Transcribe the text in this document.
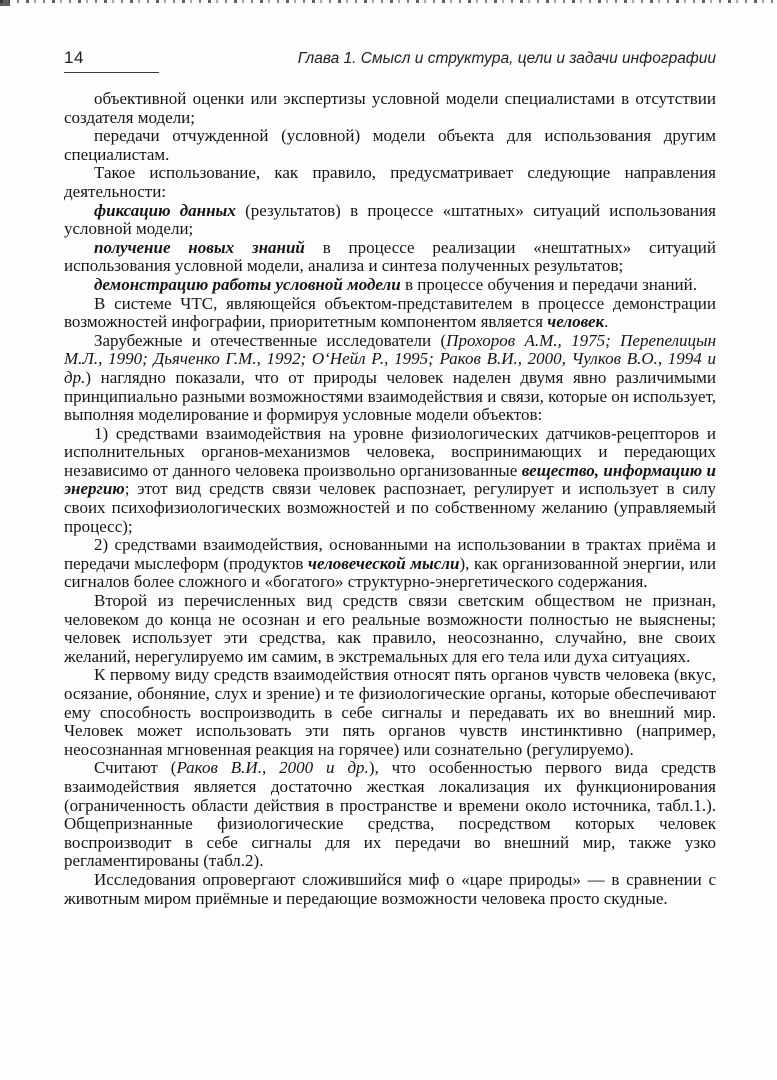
14	Глава 1. Смысл и структура, цели и задачи инфографии

объективной оценки или экспертизы условной модели специалистами в отсутствии создателя модели;

передачи отчужденной (условной) модели объекта для использования другим специалистам.

Такое использование, как правило, предусматривает следующие направления деятельности:

фиксацию данных (результатов) в процессе «штатных» ситуаций использования условной модели;

получение новых знаний в процессе реализации «нештатных» ситуаций использования условной модели, анализа и синтеза полученных результатов;

демонстрацию работы условной модели в процессе обучения и передачи знаний.

В системе ЧТС, являющейся объектом-представителем в процессе демонстрации возможностей инфографии, приоритетным компонентом является человек.

Зарубежные и отечественные исследователи (Прохоров А.М., 1975; Перепелицын М.Л., 1990; Дьяченко Г.М., 1992; О‘Нейл Р., 1995; Раков В.И., 2000, Чулков В.О., 1994 и др.) наглядно показали, что от природы человек наделен двумя явно различимыми принципиально разными возможностями взаимодействия и связи, которые он использует, выполняя моделирование и формируя условные модели объектов:

1) средствами взаимодействия на уровне физиологических датчиков-рецепторов и исполнительных органов-механизмов человека, воспринимающих и передающих независимо от данного человека произвольно организованные вещество, информацию и энергию; этот вид средств связи человек распознает, регулирует и использует в силу своих психофизиологических возможностей и по собственному желанию (управляемый процесс);

2) средствами взаимодействия, основанными на использовании в трактах приёма и передачи мыслеформ (продуктов человеческой мысли), как организованной энергии, или сигналов более сложного и «богатого» структурно-энергетического содержания.

Второй из перечисленных вид средств связи светским обществом не признан, человеком до конца не осознан и его реальные возможности полностью не выяснены; человек использует эти средства, как правило, неосознанно, случайно, вне своих желаний, нерегулируемо им самим, в экстремальных для его тела или духа ситуациях.

К первому виду средств взаимодействия относят пять органов чувств человека (вкус, осязание, обоняние, слух и зрение) и те физиологические органы, которые обеспечивают ему способность воспроизводить в себе сигналы и передавать их во внешний мир. Человек может использовать эти пять органов чувств инстинктивно (например, неосознанная мгновенная реакция на горячее) или сознательно (регулируемо).

Считают (Раков В.И., 2000 и др.), что особенностью первого вида средств взаимодействия является достаточно жесткая локализация их функционирования (ограниченность области действия в пространстве и времени около источника, табл.1.). Общепризнанные физиологические средства, посредством которых человек воспроизводит в себе сигналы для их передачи во внешний мир, также узко регламентированы (табл.2).

Исследования опровергают сложившийся миф о «царе природы» — в сравнении с животным миром приёмные и передающие возможности человека просто скудные.
